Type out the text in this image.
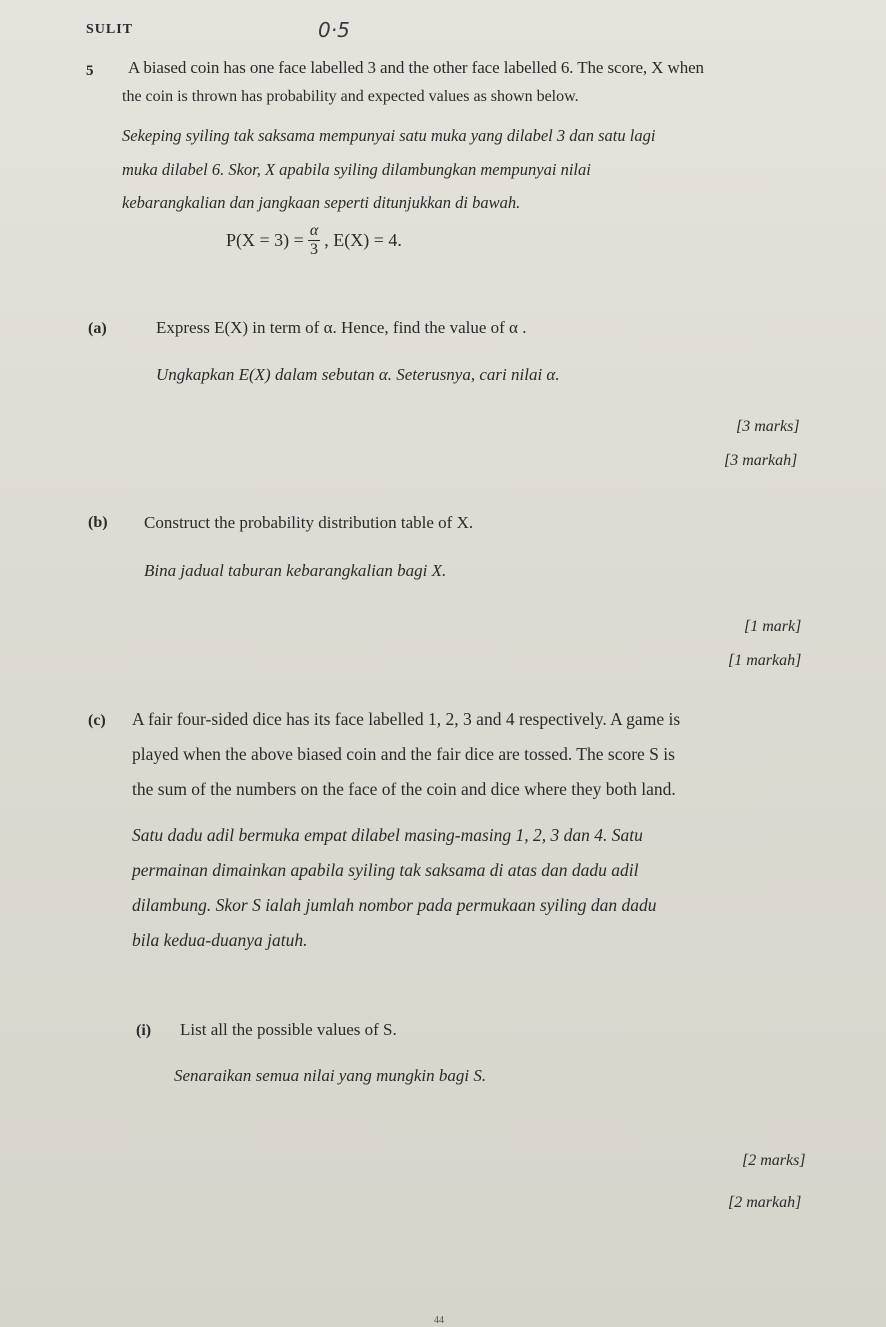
SULIT	0·5
5 A biased coin has one face labelled 3 and the other face labelled 6. The score, X when
the coin is thrown has probability and expected values as shown below.
Sekeping syiling tak saksama mempunyai satu muka yang dilabel 3 dan satu lagi
muka dilabel 6. Skor, X apabila syiling dilambungkan mempunyai nilai
kebarangkalian dan jangkaan seperti ditunjukkan di bawah.
$P(X = 3) = \frac{\alpha}{3}$ , E(X) = 4.
(a)	Express E(X) in term of α. Hence, find the value of α .
Ungkapkan E(X) dalam sebutan α. Seterusnya, cari nilai α.
[3 marks]
[3 markah]
(b) Construct the probability distribution table of X.
Bina jadual taburan kebarangkalian bagi X.
[1 mark]
[1 markah]
(c) A fair four-sided dice has its face labelled 1, 2, 3 and 4 respectively. A game is
played when the above biased coin and the fair dice are tossed. The score S is
the sum of the numbers on the face of the coin and dice where they both land.
Satu dadu adil bermuka empat dilabel masing-masing 1, 2, 3 dan 4. Satu
permainan dimainkan apabila syiling tak saksama di atas dan dadu adil
dilambung. Skor S ialah jumlah nombor pada permukaan syiling dan dadu
bila kedua-duanya jatuh.
(i) List all the possible values of S.
Senaraikan semua nilai yang mungkin bagi S.
[2 marks]
[2 markah]
44
